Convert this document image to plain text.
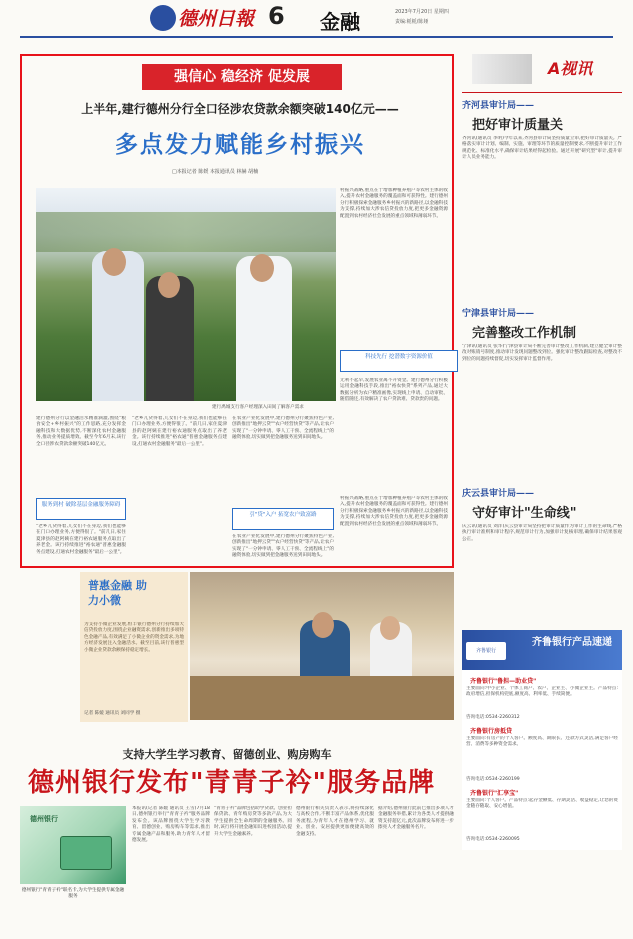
德州日報 6 金融	2023年7月20日 星期四
责编:栀栀/陈娅
强信心 稳经济 促发展
上半年,建行德州分行全口径涉农贷款余额突破140亿元——
多点发力赋能乡村振兴
□本报记者 陈媛 本报通讯员 林赫 胡楠
村振兴战略,重点在于增加种植养殖户等农村主体的收入,提升农村金融服务的覆盖面和可获得性。建行德州分行积极探索金融服务乡村振兴的新路径,以金融科技为支撑,持续加大涉农信贷投放力度,把更多金融资源配置到农村经济社会发展的重点领域和薄弱环节。
科技先行 挖潜数字资源价值
无利不起早,发展农业离不开资金。建行德州分行积极运用金融科技手段,推出"裕农快贷"系列产品,通过大数据分析为农户精准画像,实现线上申请、自动审批、随借随还,有效解决了农户贷款难、贷款贵的问题。
建行禹城支行客户经理深入田间了解客户需求
建行德州分行以金融活水精准滴灌,围绕"粮食安全+乡村振兴"的工作思路,充分发挥金融科技和大数据优势,不断深化农村金融服务,推动业务提质增效。截至今年6月末,该行全口径涉农贷款余额突破140亿元。
服务到村 破除基层金融服务障碍
"老乡儿贷得着,儿女们不在身边,我们也能够在门口办理业务,方便得很了。"前几日,家住夏津县的赵阿姨在建行裕农通服务点取出了养老金。该行持续推进"裕农通"普惠金融服务点建设,打通农村金融服务"最后一公里"。
"老乡儿贷得着,儿女们不在身边,我们也能够在门口办理业务,方便得很了。"前几日,家住夏津县的赵阿姨在建行裕农通服务点取出了养老金。该行持续推进"裕农通"普惠金融服务点建设,打通农村金融服务"最后一公里"。
在农业产业化发展中,建行德州分行聚焦特色产业,创新推出"地押云贷""农户经营快贷"等产品,让农户实现了"一分钟申请、零人工干预、全流程线上"的融资体验,切实做到把金融服务送到田间地头。
引"贷"入户 拓宽农户致富路
在农业产业化发展中,建行德州分行聚焦特色产业,创新推出"地押云贷""农户经营快贷"等产品,让农户实现了"一分钟申请、零人工干预、全流程线上"的融资体验,切实做到把金融服务送到田间地头。
村振兴战略,重点在于增加种植养殖户等农村主体的收入,提升农村金融服务的覆盖面和可获得性。建行德州分行积极探索金融服务乡村振兴的新路径,以金融科技为支撑,持续加大涉农信贷投放力度,把更多金融资源配置到农村经济社会发展的重点领域和薄弱环节。
普惠金融 助力小微
为支持小微企业发展,恒丰银行德州分行持续加大信贷投放力度,围绕企业融资需求,创新推出多项特色金融产品,有效满足了小微企业的资金需求,为地方经济发展注入金融活水。截至目前,该行普惠型小微企业贷款余额保持稳定增长。
记者 陈媛 通讯员 刘同学 摄
A视讯
齐河县审计局——
把好审计质量关
齐河讯(通讯员 李明)今年以来,齐河县审计局坚持质量立审,把好审计质量关。严格落实审计计划、编制、实施、审理等环节的质量控制要求,不断提升审计工作规范化、标准化水平,确保审计结果经得起检验。通过开展"研究型"审计,提升审计人员业务能力。
宁津县审计局——
完善整改工作机制
宁津讯(通讯员 张华)宁津县审计局不断完善审计整改工作机制,建立健全审计整改对账销号制度,推动审计发现问题整改到位。强化审计整改跟踪检查,对整改不到位的问题持续督促,切实发挥审计监督作用。
庆云县审计局——
守好审计"生命线"
庆云讯(通讯员 刘洋)庆云县审计局坚持把审计质量作为审计工作的生命线,严格执行审计准则和审计程序,规范审计行为,加强审计复核审理,确保审计结果客观公正。
齐鲁银行
齐鲁银行产品速递
齐鲁银行"鲁担—助业贷"
主要面向:中小企业、个体工商户、农户、企业主、小微企业主。产品特点:政府增信,担保机构兜底,额度高、利率低、手续简便。
咨询电话:0534-2260312
齐鲁银行房抵贷
主要面向:有房产的个人客户。额度高、期限长、还款方式灵活,满足客户经营、消费等多种资金需求。
咨询电话:0534-2260199
齐鲁银行"汇享宝"
主要面向:个人客户。产品特点:起存金额低、存期灵活、收益稳定,让您的资金随存随取、安心增值。
咨询电话:0534-2260095
支持大学生学习教育、留德创业、购房购车
德州银行发布"青青子衿"服务品牌
德州银行
德州银行"青青子衿"联名卡,为大学生提供专属金融服务
本报讯(记者 陈媛 通讯员 王雪)7月18日,德州银行举行"青青子衿"服务品牌发布会。该品牌围绕大学生学习教育、留德创业、购房购车等需求,推出专属金融产品和服务,助力青年人才留德发展。
"青青子衿"品牌包括助学贷款、创业担保贷款、青年购房贷等多款产品,为大学生提供全生命周期的金融服务。同时,该行将开展金融知识进校园活动,提升大学生金融素养。
德州银行相关负责人表示,将持续深化与高校合作,不断丰富产品体系,优化服务流程,为青年人才在德州学习、就业、创业、安居提供更加便捷高效的金融支持。
据介绍,德州银行此前已推出多项人才金融服务举措,累计为各类人才提供融资支持超亿元,此次品牌发布将进一步擦亮人才金融服务名片。
